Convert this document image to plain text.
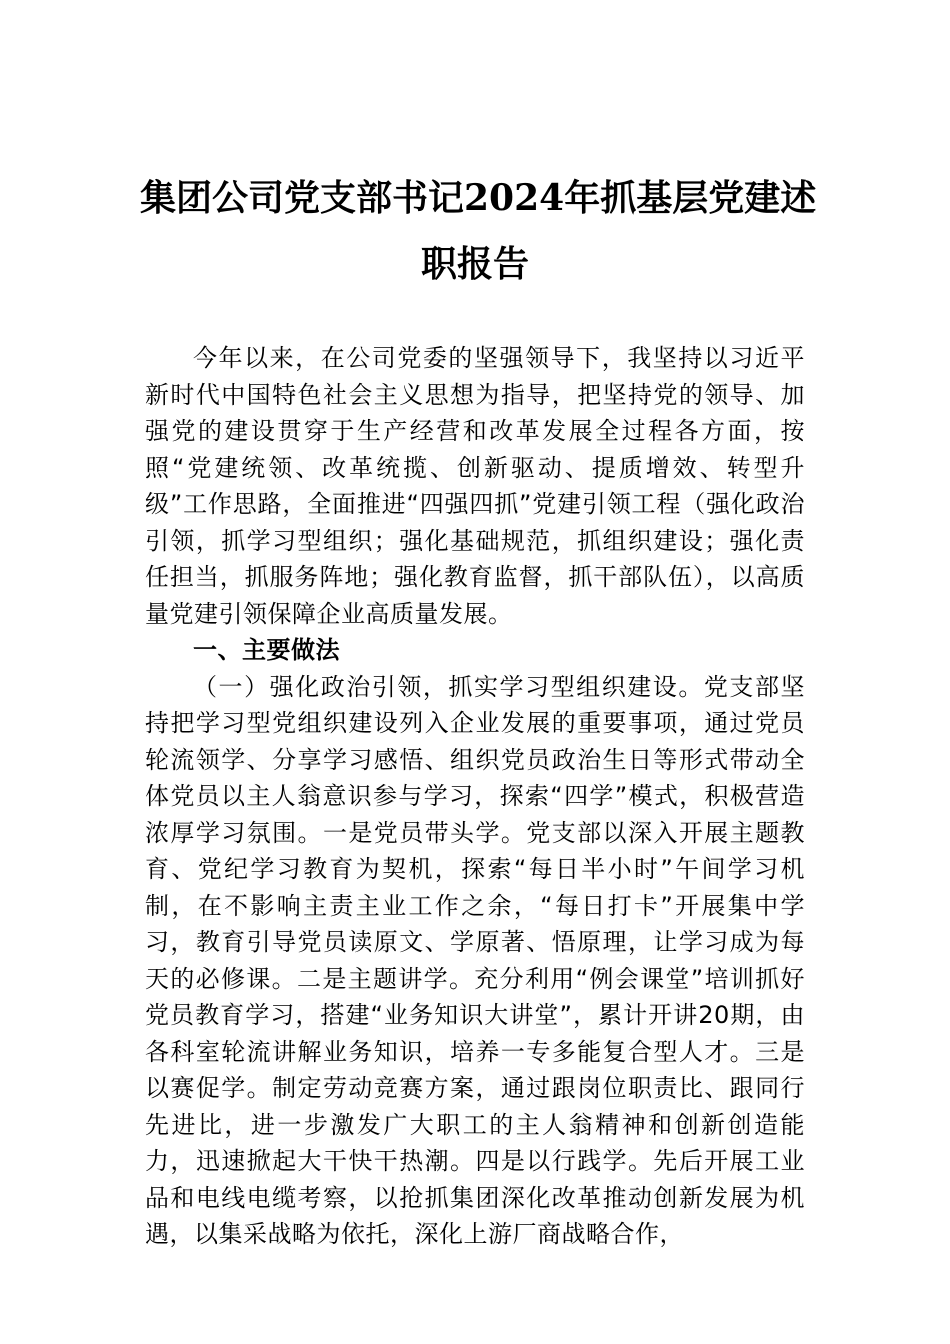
集团公司党支部书记2024年抓基层党建述
职报告

今年以来，在公司党委的坚强领导下，我坚持以习近平新时代中国特色社会主义思想为指导，把坚持党的领导、加强党的建设贯穿于生产经营和改革发展全过程各方面，按照“党建统领、改革统揽、创新驱动、提质增效、转型升级”工作思路，全面推进“四强四抓”党建引领工程（强化政治引领，抓学习型组织；强化基础规范，抓组织建设；强化责任担当，抓服务阵地；强化教育监督，抓干部队伍），以高质量党建引领保障企业高质量发展。

一、主要做法

（一）强化政治引领，抓实学习型组织建设。党支部坚持把学习型党组织建设列入企业发展的重要事项，通过党员轮流领学、分享学习感悟、组织党员政治生日等形式带动全体党员以主人翁意识参与学习，探索“四学”模式，积极营造浓厚学习氛围。一是党员带头学。党支部以深入开展主题教育、党纪学习教育为契机，探索“每日半小时”午间学习机制，在不影响主责主业工作之余，“每日打卡”开展集中学习，教育引导党员读原文、学原著、悟原理，让学习成为每天的必修课。二是主题讲学。充分利用“例会课堂”培训抓好党员教育学习，搭建“业务知识大讲堂”，累计开讲20期，由各科室轮流讲解业务知识，培养一专多能复合型人才。三是以赛促学。制定劳动竞赛方案，通过跟岗位职责比、跟同行先进比，进一步激发广大职工的主人翁精神和创新创造能力，迅速掀起大干快干热潮。四是以行践学。先后开展工业品和电线电缆考察，以抢抓集团深化改革推动创新发展为机遇，以集采战略为依托，深化上游厂商战略合作，
